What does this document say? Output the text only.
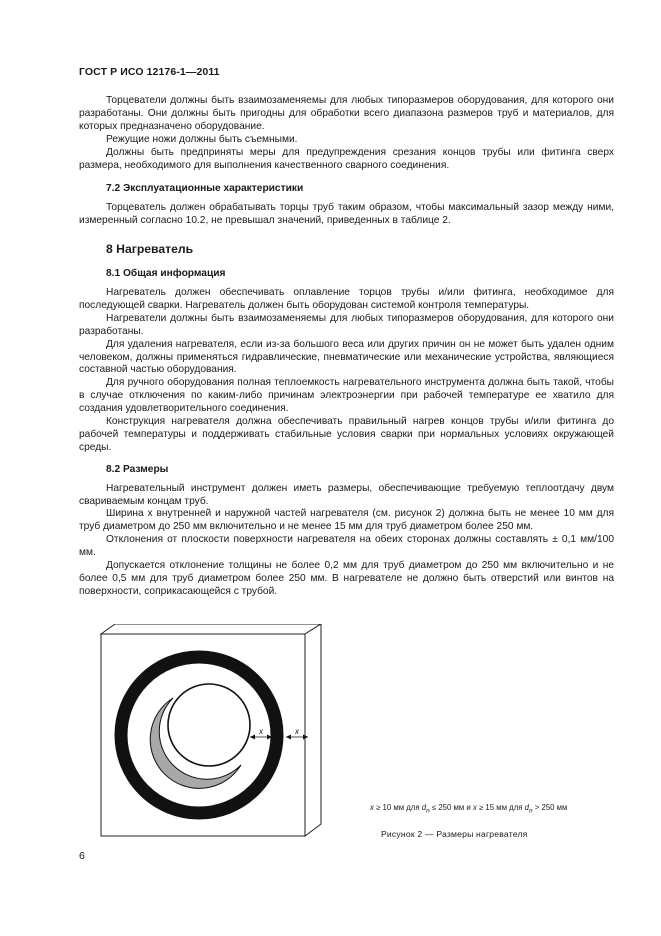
ГОСТ Р ИСО 12176-1—2011

Торцеватели должны быть взаимозаменяемы для любых типоразмеров оборудования, для которого они разработаны. Они должны быть пригодны для обработки всего диапазона размеров труб и материалов, для которых предназначено оборудование.

Режущие ножи должны быть съемными.

Должны быть предприняты меры для предупреждения срезания концов трубы или фитинга сверх размера, необходимого для выполнения качественного сварного соединения.

7.2 Эксплуатационные характеристики

Торцеватель должен обрабатывать торцы труб таким образом, чтобы максимальный зазор между ними, измеренный согласно 10.2, не превышал значений, приведенных в таблице 2.

8 Нагреватель

8.1 Общая информация

Нагреватель должен обеспечивать оплавление торцов трубы и/или фитинга, необходимое для последующей сварки. Нагреватель должен быть оборудован системой контроля температуры.

Нагреватели должны быть взаимозаменяемы для любых типоразмеров оборудования, для которого они разработаны.

Для удаления нагревателя, если из-за большого веса или других причин он не может быть удален одним человеком, должны применяться гидравлические, пневматические или механические устройства, являющиеся составной частью оборудования.

Для ручного оборудования полная теплоемкость нагревательного инструмента должна быть такой, чтобы в случае отключения по каким-либо причинам электроэнергии при рабочей температуре ее хватило для создания удовлетворительного соединения.

Конструкция нагревателя должна обеспечивать правильный нагрев концов трубы и/или фитинга до рабочей температуры и поддерживать стабильные условия сварки при нормальных условиях окружающей среды.

8.2 Размеры

Нагревательный инструмент должен иметь размеры, обеспечивающие требуемую теплоотдачу двум свариваемым концам труб.

Ширина x внутренней и наружной частей нагревателя (см. рисунок 2) должна быть не менее 10 мм для труб диаметром до 250 мм включительно и не менее 15 мм для труб диаметром более 250 мм.

Отклонения от плоскости поверхности нагревателя на обеих сторонах должны составлять ± 0,1 мм/100 мм.

Допускается отклонение толщины не более 0,2 мм для труб диаметром до 250 мм включительно и не более 0,5 мм для труб диаметром более 250 мм. В нагревателе не должно быть отверстий или винтов на поверхности, соприкасающейся с трубой.

x	x
x ≥ 10 мм для $d_n \le 250$ мм и x ≥ 15 мм для $d_n > 250$ мм
Рисунок 2 — Размеры нагревателя
6
